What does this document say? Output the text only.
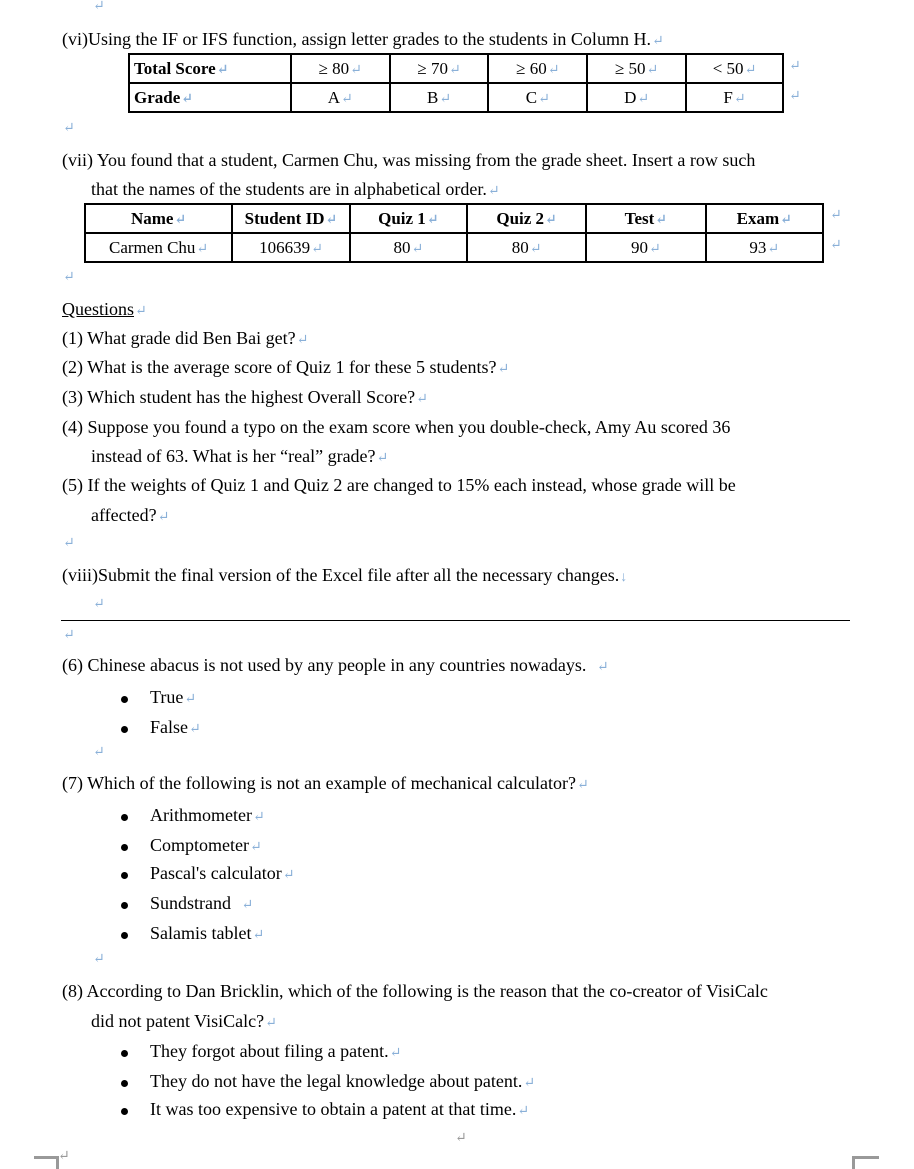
↵
(vi)Using the IF or IFS function, assign letter grades to the students in Column H.↵
Total Score↵	≥ 80↵	≥ 70↵	≥ 60↵	≥ 50↵	< 50↵
Grade↵	A↵	B↵	C↵	D↵	F↵
↵
↵
↵
(vii) You found that a student, Carmen Chu, was missing from the grade sheet. Insert a row such
that the names of the students are in alphabetical order.↵
Name↵	Student ID↵	Quiz 1↵	Quiz 2↵	Test↵	Exam↵
Carmen Chu↵	106639↵	80↵	80↵	90↵	93↵
↵
↵
↵
Questions↵
(1) What grade did Ben Bai get?↵
(2) What is the average score of Quiz 1 for these 5 students?↵
(3) Which student has the highest Overall Score?↵
(4) Suppose you found a typo on the exam score when you double-check, Amy Au scored 36
instead of 63. What is her “real” grade?↵
(5) If the weights of Quiz 1 and Quiz 2 are changed to 15% each instead, whose grade will be
affected?↵
↵
(viii)Submit the final version of the Excel file after all the necessary changes.↓
↵
↵
(6) Chinese abacus is not used by any people in any countries nowadays. ↵
True↵
False↵
↵
(7) Which of the following is not an example of mechanical calculator?↵
Arithmometer↵
Comptometer↵
Pascal's calculator↵
Sundstrand ↵
Salamis tablet↵
↵
(8) According to Dan Bricklin, which of the following is the reason that the co-creator of VisiCalc
did not patent VisiCalc?↵
They forgot about filing a patent.↵
They do not have the legal knowledge about patent.↵
It was too expensive to obtain a patent at that time.↵
↵
↵
